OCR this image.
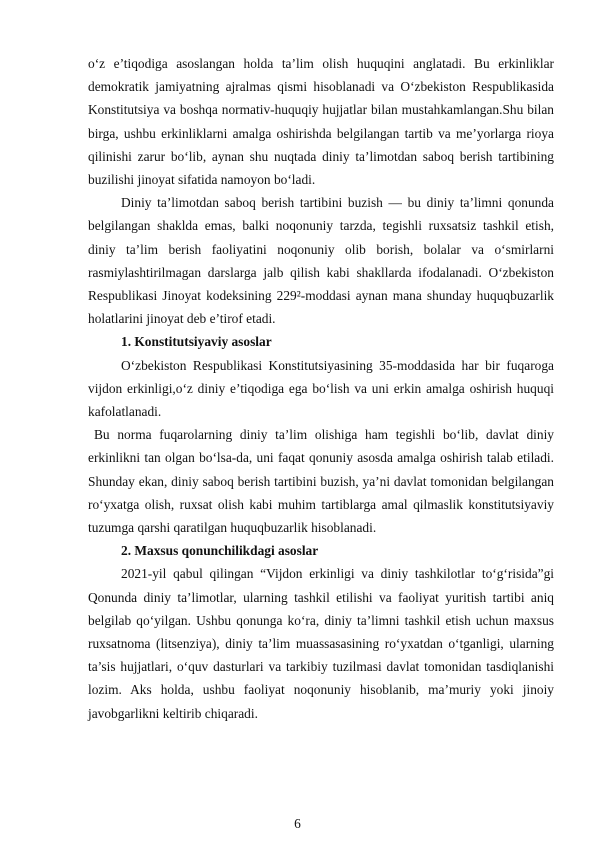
o‘z e’tiqodiga asoslangan holda ta’lim olish huquqini anglatadi. Bu erkinliklar demokratik jamiyatning ajralmas qismi hisoblanadi va O‘zbekiston Respublikasida Konstitutsiya va boshqa normativ-huquqiy hujjatlar bilan mustahkamlangan.Shu bilan birga, ushbu erkinliklarni amalga oshirishda belgilangan tartib va me’yorlarga rioya qilinishi zarur bo‘lib, aynan shu nuqtada diniy ta’limotdan saboq berish tartibining buzilishi jinoyat sifatida namoyon bo‘ladi.

Diniy ta’limotdan saboq berish tartibini buzish — bu diniy ta’limni qonunda belgilangan shaklda emas, balki noqonuniy tarzda, tegishli ruxsatsiz tashkil etish, diniy ta’lim berish faoliyatini noqonuniy olib borish, bolalar va o‘smirlarni rasmiylashtirilmagan darslarga jalb qilish kabi shakllarda ifodalanadi. O‘zbekiston Respublikasi Jinoyat kodeksining 229²-moddasi aynan mana shunday huquqbuzarlik holatlarini jinoyat deb e’tirof etadi.

1. Konstitutsiyaviy asoslar

O‘zbekiston Respublikasi Konstitutsiyasining 35-moddasida har bir fuqaroga vijdon erkinligi,o‘z diniy e’tiqodiga ega bo‘lish va uni erkin amalga oshirish huquqi kafolatlanadi.

Bu norma fuqarolarning diniy ta’lim olishiga ham tegishli bo‘lib, davlat diniy erkinlikni tan olgan bo‘lsa-da, uni faqat qonuniy asosda amalga oshirish talab etiladi. Shunday ekan, diniy saboq berish tartibini buzish, ya’ni davlat tomonidan belgilangan ro‘yxatga olish, ruxsat olish kabi muhim tartiblarga amal qilmaslik konstitutsiyaviy tuzumga qarshi qaratilgan huquqbuzarlik hisoblanadi.

2. Maxsus qonunchilikdagi asoslar

2021-yil qabul qilingan “Vijdon erkinligi va diniy tashkilotlar to‘g‘risida”gi Qonunda diniy ta’limotlar, ularning tashkil etilishi va faoliyat yuritish tartibi aniq belgilab qo‘yilgan. Ushbu qonunga ko‘ra, diniy ta’limni tashkil etish uchun maxsus ruxsatnoma (litsenziya), diniy ta’lim muassasasining ro‘yxatdan o‘tganligi, ularning ta’sis hujjatlari, o‘quv dasturlari va tarkibiy tuzilmasi davlat tomonidan tasdiqlanishi lozim. Aks holda, ushbu faoliyat noqonuniy hisoblanib, ma’muriy yoki jinoiy javobgarlikni keltirib chiqaradi.

6
